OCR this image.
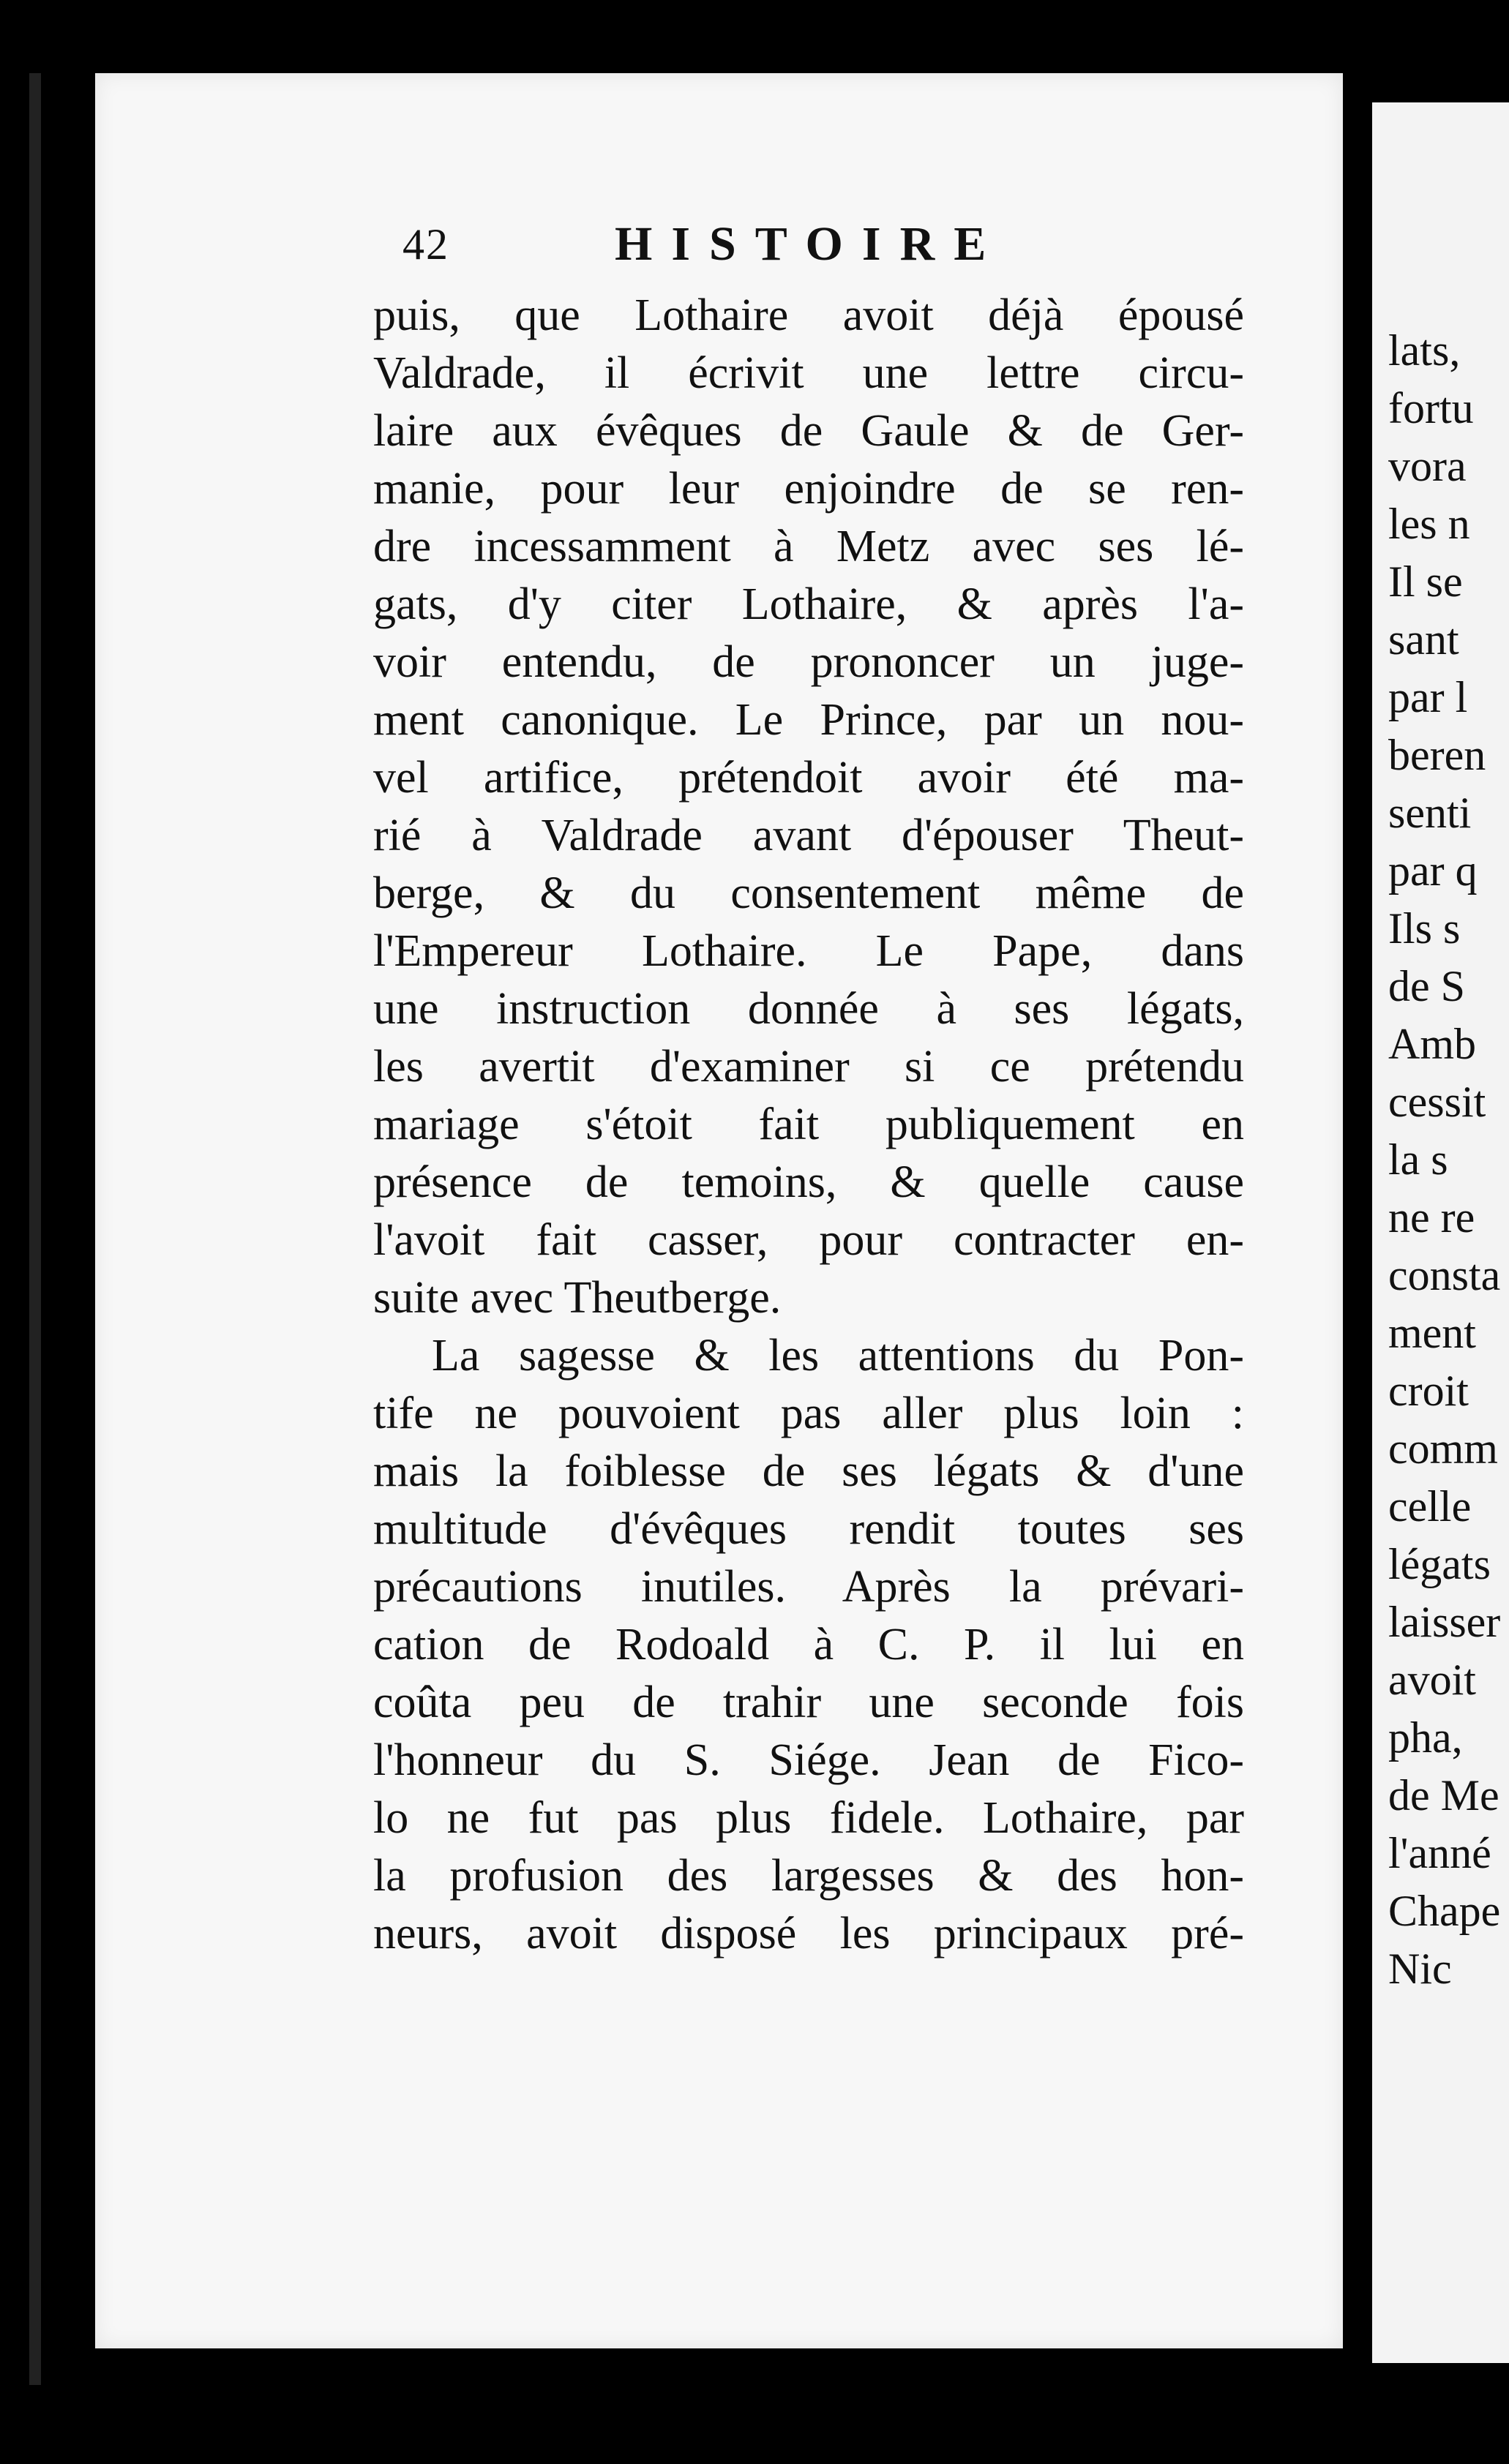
42	HISTOIRE
puis, que Lothaire avoit déjà épousé
Valdrade, il écrivit une lettre circu-
laire aux évêques de Gaule & de Ger-
manie, pour leur enjoindre de se ren-
dre incessamment à Metz avec ses lé-
gats, d'y citer Lothaire, & après l'a-
voir entendu, de prononcer un juge-
ment canonique. Le Prince, par un nou-
vel artifice, prétendoit avoir été ma-
rié à Valdrade avant d'épouser Theut-
berge, & du consentement même de
l'Empereur Lothaire. Le Pape, dans
une instruction donnée à ses légats,
les avertit d'examiner si ce prétendu
mariage s'étoit fait publiquement en
présence de temoins, & quelle cause
l'avoit fait casser, pour contracter en-
suite avec Theutberge.
La sagesse & les attentions du Pon-
tife ne pouvoient pas aller plus loin :
mais la foiblesse de ses légats & d'une
multitude d'évêques rendit toutes ses
précautions inutiles. Après la prévari-
cation de Rodoald à C. P. il lui en
coûta peu de trahir une seconde fois
l'honneur du S. Siége. Jean de Fico-
lo ne fut pas plus fidele. Lothaire, par
la profusion des largesses & des hon-
neurs, avoit disposé les principaux pré-
lats,
fortu
vora
les n
Il se
sant
par l
beren
senti
par q
Ils s
de S
Amb
cessit
la s
ne re
consta
ment
croit
comm
celle
légats
laisser
avoit
pha,
de Me
l'anné
Chape
Nic
